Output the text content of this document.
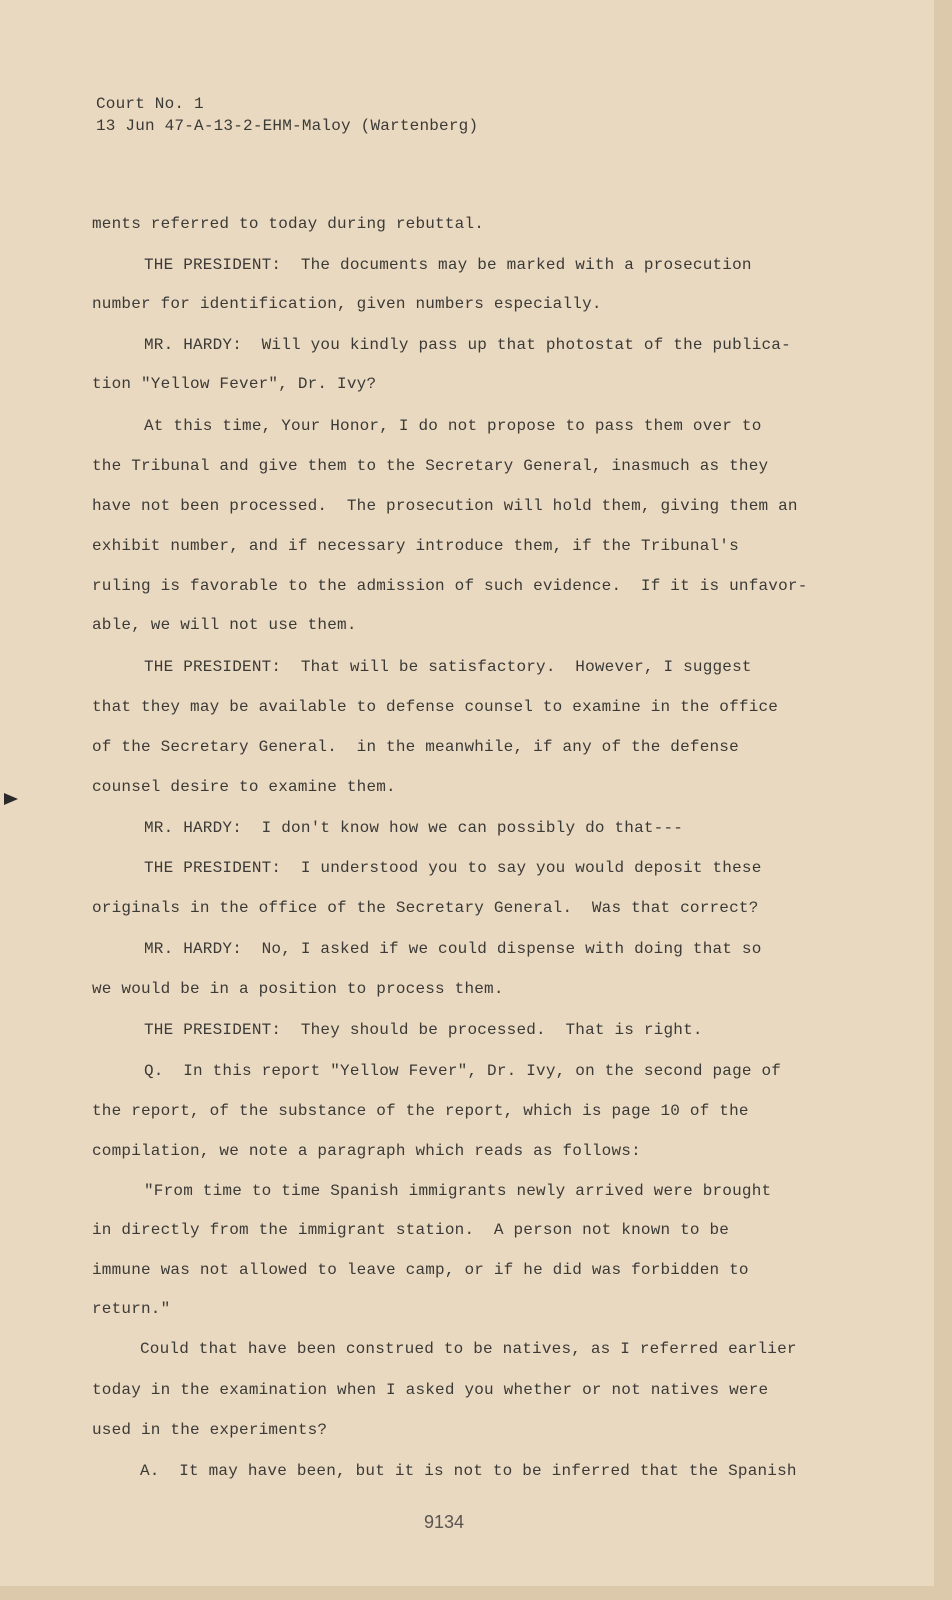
Court No. 1
13 Jun 47-A-13-2-EHM-Maloy (Wartenberg)
ments referred to today during rebuttal.
THE PRESIDENT:  The documents may be marked with a prosecution
number for identification, given numbers especially.
MR. HARDY:  Will you kindly pass up that photostat of the publica-
tion "Yellow Fever", Dr. Ivy?
At this time, Your Honor, I do not propose to pass them over to
the Tribunal and give them to the Secretary General, inasmuch as they
have not been processed.  The prosecution will hold them, giving them an
exhibit number, and if necessary introduce them, if the Tribunal's
ruling is favorable to the admission of such evidence.  If it is unfavor-
able, we will not use them.
THE PRESIDENT:  That will be satisfactory.  However, I suggest
that they may be available to defense counsel to examine in the office
of the Secretary General.  in the meanwhile, if any of the defense
counsel desire to examine them.
MR. HARDY:  I don't know how we can possibly do that---
THE PRESIDENT:  I understood you to say you would deposit these
originals in the office of the Secretary General.  Was that correct?
MR. HARDY:  No, I asked if we could dispense with doing that so
we would be in a position to process them.
THE PRESIDENT:  They should be processed.  That is right.
Q.  In this report "Yellow Fever", Dr. Ivy, on the second page of
the report, of the substance of the report, which is page 10 of the
compilation, we note a paragraph which reads as follows:
"From time to time Spanish immigrants newly arrived were brought
in directly from the immigrant station.  A person not known to be
immune was not allowed to leave camp, or if he did was forbidden to
return."
Could that have been construed to be natives, as I referred earlier
today in the examination when I asked you whether or not natives were
used in the experiments?
A.  It may have been, but it is not to be inferred that the Spanish
9134
